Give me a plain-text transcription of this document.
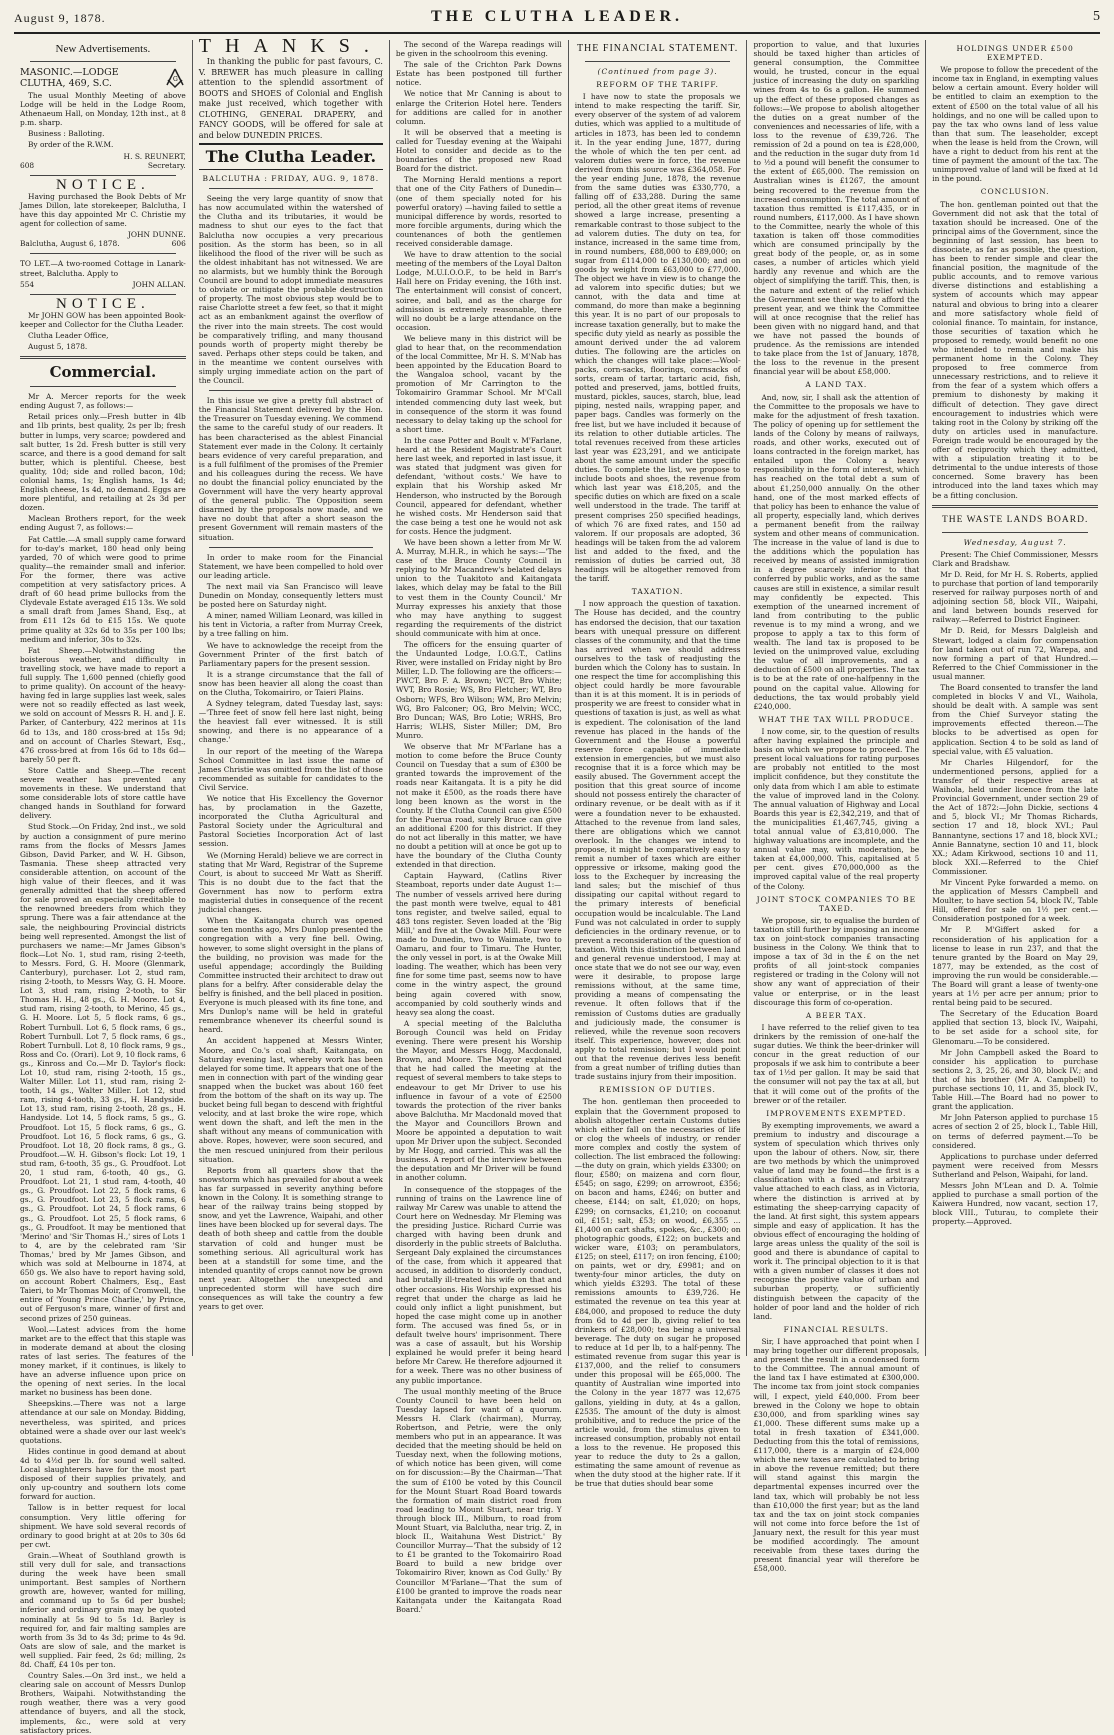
August 9, 1878.	THE CLUTHA LEADER.	5
New Advertisements.
G

MASONIC.—LODGE CLUTHA, 469, S.C.

The usual Monthly Meeting of above Lodge will be held in the Lodge Room, Athenaeum Hall, on Monday, 12th inst., at 8 p.m. sharp.

Business : Balloting.

By order of the R.W.M.

H. S. REUNERT,
608	Secretary.
NOTICE.

Having purchased the Book Debts of Mr James Dillon, late storekeeper, Balclutha, I have this day appointed Mr C. Christie my agent for collection of same.

JOHN DUNNE.
Balclutha, August 6, 1878.	606

TO LET.—A two-roomed Cottage in Lanark-street, Balclutha. Apply to

554	JOHN ALLAN.
NOTICE.

Mr JOHN GOW has been appointed Book-keeper and Collector for the Clutha Leader.

Clutha Leader Office,

August 5, 1878.

Commercial.

Mr A. Mercer reports for the week ending August 7, as follows:—

Retail prices only.—Fresh butter in 4lb and 1lb prints, best quality, 2s per lb; fresh butter in lumps, very scarce; powdered and salt butter, 1s 2d. Fresh butter is still very scarce, and there is a good demand for salt butter, which is plentiful. Cheese, best quality, 10d; side and rolled bacon, 10d; colonial hams, 1s; English hams, 1s 4d; English cheese, 1s 4d, no demand. Eggs are more plentiful, and retailing at 2s 3d per dozen.

Maclean Brothers report, for the week ending August 7, as follows:—

Fat Cattle.—A small supply came forward for to-day's market, 180 head only being yarded, 70 of which were good to prime quality—the remainder small and inferior. For the former, there was active competition at very satisfactory prices. A draft of 60 head prime bullocks from the Clydevale Estate averaged £15 13s. We sold a small draft from James Shand, Esq., at from £11 12s 6d to £15 15s. We quote prime quality at 32s 6d to 35s per 100 lbs; medium and inferior, 30s to 32s.

Fat Sheep.—Notwithstanding the boisterous weather, and difficulty in travelling stock, we have made to report a full supply. The 1,600 penned (chiefly good to prime quality). On account of the heavy-having fed in large supplies last week, sales were not so readily effected as last week, we sold on account of Messrs R. H. and J. E. Parker, of Canterbury, 422 merinos at 11s 6d to 13s, and 180 cross-bred at 15s 9d; and on account of Charles Stewart, Esq., 476 cross-bred at from 16s 6d to 18s 6d—barely 50 per ft.

Store Cattle and Sheep.—The recent severe weather has prevented any movements in these. We understand that some considerable lots of store cattle have changed hands in Southland for forward delivery.

Stud Stock.—On Friday, 2nd inst., we sold by auction a consignment of pure merino rams from the flocks of Messrs James Gibson, David Parker, and W. H. Gibson, Tasmania. These sheep attracted very considerable attention, on account of the high value of their fleeces, and it was generally admitted that the sheep offered for sale proved an especially creditable to the renowned breeders from which they sprung. There was a fair attendance at the sale, the neighbouring Provincial districts being well represented. Amongst the list of purchasers we name:—Mr James Gibson's flock—Lot No. 1, stud ram, rising 2-teeth, to Messrs. Ford, G. H. Moore (Glenmark, Canterbury), purchaser. Lot 2, stud ram, rising 2-tooth, to Messrs Way, G. H. Moore. Lot 3, stud ram, rising 2-tooth, to Sir Thomas H. H., 48 gs., G. H. Moore. Lot 4, stud ram, rising 2-tooth, to Merino, 45 gs., G. H. Moore. Lot 5, 5 flock rams, 6 gs., Robert Turnbull. Lot 6, 5 flock rams, 6 gs., Robert Turnbull. Lot 7, 5 flock rams, 6 gs., Robert Turnbull. Lot 8, 10 flock rams, 9 gs., Ross and Co. (Orari). Lot 9, 10 flock rams, 6 gs., Kinross and Co.—Mr D. Taylor's flock: Lot 10, stud ram, rising 2-tooth, 15 gs., Walter Miller. Lot 11, stud ram, rising 2-tooth, 14 gs., Walter Miller. Lot 12, stud ram, rising 4-tooth, 33 gs., H. Handyside. Lot 13, stud ram, rising 2-tooth, 28 gs., H. Handyside. Lot 14, 5 flock rams, 5 gs., G. Proudfoot. Lot 15, 5 flock rams, 6 gs., G. Proudfoot. Lot 16, 5 flock rams, 6 gs., G. Proudfoot. Lot 18, 20 flock rams, 8 gs., G. Proudfoot.—W. H. Gibson's flock: Lot 19, 1 stud ram, 6-tooth, 35 gs., G. Proudfoot. Lot 20, 1 stud ram, 6-tooth, 40 gs., G. Proudfoot. Lot 21, 1 stud ram, 4-tooth, 40 gs., G. Proudfoot. Lot 22, 5 flock rams, 6 gs., G. Proudfoot. Lot 23, 5 flock rams, 6 gs., G. Proudfoot. Lot 24, 5 flock rams, 6 gs., G. Proudfoot. Lot 25, 5 flock rams, 6 gs., G. Proudfoot. It may be mentioned that 'Merino' and 'Sir Thomas H.,' sires of Lots 1 to 4, are by the celebrated ram 'Sir Thomas,' bred by Mr James Gibson, and which was sold at Melbourne in 1874, at 650 gs. We also have to report having sold, on account Robert Chalmers, Esq., East Taieri, to Mr Thomas Moir, of Cromwell, the entire of 'Young Prince Charlie,' by Prince, out of Ferguson's mare, winner of first and second prizes of 250 guineas.

Wool.—Latest advices from the home market are to the effect that this staple was in moderate demand at about the closing rates of last series. The features of the money market, if it continues, is likely to have an adverse influence upon price on the opening of next series. In the local market no business has been done.

Sheepskins.—There was not a large attendance at our sale on Monday. Bidding, nevertheless, was spirited, and prices obtained were a shade over our last week's quotations.

Hides continue in good demand at about 4d to 4½d per lb. for sound well salted. Local slaughterers have for the most part disposed of their supplies privately, and only up-country and southern lots come forward for auction.

Tallow is in better request for local consumption. Very little offering for shipment. We have sold several records of ordinary to good bright at at 20s to 30s 6d per cwt.

Grain.—Wheat of Southland growth is still very dull for sale, and transactions during the week have been small unimportant. Best samples of Northern growth are, however, wanted for milling, and command up to 5s 6d per bushel; inferior and ordinary grain may be quoted nominally at 5s 9d to 5s 1d. Barley is required for, and fair malting samples are worth from 3s 3d to 4s 3d; prime to 4s 9d. Oats are slow of sale, and the market is well supplied. Fair feed, 2s 6d; milling, 2s 8d. Chaff, £4 10s per ton.

Country Sales.—On 3rd inst., we held a clearing sale on account of Messrs Dunlop Brothers, Waipahi. Notwithstanding the rough weather, there was a very good attendance of buyers, and all the stock, implements, &c., were sold at very satisfactory prices.

THANKS.

In thanking the public for past favours, C. V. BREWER has much pleasure in calling attention to the splendid assortment of BOOTS and SHOES of Colonial and English make just received, which together with CLOTHING, GENERAL DRAPERY, and FANCY GOODS, will be offered for sale at and below DUNEDIN PRICES.

The Clutha Leader.
BALCLUTHA : FRIDAY, AUG. 9, 1878.

Seeing the very large quantity of snow that has now accumulated within the watershed of the Clutha and its tributaries, it would be madness to shut our eyes to the fact that Balclutha now occupies a very precarious position. As the storm has been, so in all likelihood the flood of the river will be such as the oldest inhabitant has not witnessed. We are no alarmists, but we humbly think the Borough Council are bound to adopt immediate measures to obviate or mitigate the probable destruction of property. The most obvious step would be to raise Charlotte street a few feet, so that it might act as an embankment against the overflow of the river into the main streets. The cost would be comparatively trifling, and many thousand pounds worth of property might thereby be saved. Perhaps other steps could be taken, and in the meantime we content ourselves with simply urging immediate action on the part of the Council.

In this issue we give a pretty full abstract of the Financial Statement delivered by the Hon. the Treasurer on Tuesday evening. We commend the same to the careful study of our readers. It has been characterised as the ablest Financial Statement ever made in the Colony. It certainly bears evidence of very careful preparation, and is a full fulfilment of the promises of the Premier and his colleagues during the recess. We have no doubt the financial policy enunciated by the Government will have the very hearty approval of the general public. The Opposition seem disarmed by the proposals now made, and we have no doubt that after a short season the present Government will remain masters of the situation.

In order to make room for the Financial Statement, we have been compelled to hold over our leading article.

The next mail via San Francisco will leave Dunedin on Monday, consequently letters must be posted here on Saturday night.

A miner, named William Leonard, was killed in his tent in Victoria, a rafter from Murray Creek, by a tree falling on him.

We have to acknowledge the receipt from the Government Printer of the first batch of Parliamentary papers for the present session.

It is a strange circumstance that the fall of snow has been heavier all along the coast than on the Clutha, Tokomairiro, or Taieri Plains.

A Sydney telegram, dated Tuesday last, says:—'Three feet of snow fell here last night, being the heaviest fall ever witnessed. It is still snowing, and there is no appearance of a change.'

In our report of the meeting of the Warepa School Committee in last issue the name of James Christie was omitted from the list of those recommended as suitable for candidates to the Civil Service.

We notice that His Excellency the Governor has, by proclamation in the Gazette, incorporated the Clutha Agricultural and Pastoral Society under the Agricultural and Pastoral Societies Incorporation Act of last session.

We (Morning Herald) believe we are correct in stating that Mr Ward, Registrar of the Supreme Court, is about to succeed Mr Watt as Sheriff. This is no doubt due to the fact that the Government has now to perform extra magisterial duties in consequence of the recent judicial changes.

When the Kaitangata church was opened some ten months ago, Mrs Dunlop presented the congregation with a very fine bell. Owing, however, to some slight oversight in the plans of the building, no provision was made for the useful appendage; accordingly the Building Committee instructed their architect to draw out plans for a belfry. After considerable delay the belfry is finished, and the bell placed in position. Everyone is much pleased with its fine tone, and Mrs Dunlop's name will be held in grateful remembrance whenever its cheerful sound is heard.

An accident happened at Messrs Winter, Moore, and Co.'s coal shaft, Kaitangata, on Saturday evening last, whereby work has been delayed for some time. It appears that one of the men in connection with part of the winding gear snapped when the bucket was about 160 feet from the bottom of the shaft on its way up. The bucket being full began to descend with frightful velocity, and at last broke the wire rope, which went down the shaft, and left the men in the shaft without any means of communication with above. Ropes, however, were soon secured, and the men rescued uninjured from their perilous situation.

Reports from all quarters show that the snowstorm which has prevailed for about a week has far surpassed in severity anything before known in the Colony. It is something strange to hear of the railway trains being stopped by snow, and yet the Lawrence, Waipahi, and other lines have been blocked up for several days. The death of both sheep and cattle from the double starvation of cold and hunger must be something serious. All agricultural work has been at a standstill for some time, and the intended quantity of crops cannot now be grown next year. Altogether the unexpected and unprecedented storm will have such dire consequences as will take the country a few years to get over.

The second of the Warepa readings will be given in the schoolroom this evening.

The sale of the Crichton Park Downs Estate has been postponed till further notice.

We notice that Mr Canning is about to enlarge the Criterion Hotel here. Tenders for additions are called for in another column.

It will be observed that a meeting is called for Tuesday evening at the Waipahi Hotel to consider and decide as to the boundaries of the proposed new Road Board for the district.

The Morning Herald mentions a report that one of the City Fathers of Dunedin—(one of them specially noted for his powerful oratory) —having failed to settle a municipal difference by words, resorted to more forcible arguments, during which the countenances of both the gentlemen received considerable damage.

We have to draw attention to the social meeting of the members of the Loyal Dalton Lodge, M.U.I.O.O.F., to be held in Barr's Hall here on Friday evening, the 16th inst. The entertainment will consist of concert, soiree, and ball, and as the charge for admission is extremely reasonable, there will no doubt be a large attendance on the occasion.

We believe many in this district will be glad to hear that, on the recommendation of the local Committee, Mr H. S. M'Nab has been appointed by the Education Board to the Wangaloa school, vacant by the promotion of Mr Carrington to the Tokomairiro Grammar School. Mr M'Call intended commencing duty last week, but in consequence of the storm it was found necessary to delay taking up the school for a short time.

In the case Potter and Boult v. M'Farlane, heard at the Resident Magistrate's Court here last week, and reported in last issue, it was stated that judgment was given for defendant, 'without costs.' We have to explain that his Worship asked Mr Henderson, who instructed by the Borough Council, appeared for defendant, whether he wished costs. Mr Henderson said that the case being a test one he would not ask for costs. Hence the judgment.

We have been shown a letter from Mr W. A. Murray, M.H.R., in which he says:—'The case of the Bruce County Council in replying to Mr Macandrew's belated delays union to the Tuakitoto and Kaitangata lakes, which delay may be fatal to the Bill to vest them in the County Council.' Mr Murray expresses his anxiety that those who may have anything to suggest regarding the requirements of the district should communicate with him at once.

The officers for the ensuing quarter of the Undaunted Lodge, I.O.G.T., Catlins River, were installed on Friday night by Bro Miller, L.D. The following are the officers:—PWCT, Bro F. A. Brown; WCT, Bro White; WVT, Bro Rosie; WS, Bro Fletcher; WT, Bro Osborn; WFS, Bro Wilson; WM, Bro Melvin; WG, Bro Falconer; OG, Bro Melvin; WCC, Bro Duncan; WAS, Bro Lotie; WRHS, Bro Harris; WLHS, Sister Miller; DM, Bro Munro.

We observe that Mr M'Farlane has a motion to come before the Bruce County Council on Tuesday that a sum of £300 be granted towards the improvement of the roads near Kaitangata. It is a pity he did not make it £500, as the roads there have long been known as the worst in the County. If the Clutha Council can give £500 for the Puerua road, surely Bruce can give an additional £200 for this district. If they do not act liberally in this matter, we have no doubt a petition will at once be got up to have the boundary of the Clutha County extended in that direction.

Captain Hayward, (Catlins River Steamboat, reports under date August 1:—The number of vessels arrived here during the past month were twelve, equal to 481 tons register, and twelve sailed, equal to 483 tons register. Seven loaded at the 'Big Mill,' and five at the Owake Mill. Four were made to Dunedin, two to Waimate, two to Oamaru, and four to Timaru. The Hunter, the only vessel in port, is at the Owake Mill loading. The weather, which has been very fine for some time past, seems now to have come in the wintry aspect, the ground being again covered with snow, accompanied by cold southerly winds and heavy sea along the coast.

A special meeting of the Balclutha Borough Council was held on Friday evening. There were present his Worship the Mayor, and Messrs Hogg, Macdonald, Brown, and Moore. The Mayor explained that he had called the meeting at the request of several members to take steps to endeavour to get Mr Driver to use his influence in favour of a vote of £2500 towards the protection of the river banks above Balclutha. Mr Macdonald moved that the Mayor and Councillors Brown and Moore be appointed a deputation to wait upon Mr Driver upon the subject. Seconded by Mr Hogg, and carried. This was all the business. A report of the interview between the deputation and Mr Driver will be found in another column.

In consequence of the stoppages of the running of trains on the Lawrence line of railway Mr Carew was unable to attend the Court here on Wednesday. Mr Fleming was the presiding Justice. Richard Currie was charged with having been drunk and disorderly in the public streets of Balclutha. Sergeant Daly explained the circumstances of the case, from which it appeared that accused, in addition to disorderly conduct, had brutally ill-treated his wife on that and other occasions. His Worship expressed his regret that under the charge as laid he could only inflict a light punishment, but hoped the case might come up in another form. The accused was fined 5s, or in default twelve hours' imprisonment. There was a case of assault, but his Worship explained he would prefer it being heard before Mr Carew. He therefore adjourned it for a week. There was no other business of any public importance.

The usual monthly meeting of the Bruce County Council to have been held on Tuesday lapsed for want of a quorum. Messrs H. Clark (chairman), Murray, Robertson, and Petrie, were the only members who put in an appearance. It was decided that the meeting should be held on Tuesday next, when the following motions, of which notice has been given, will come on for discussion:—By the Chairman—'That the sum of £100 be voted by this Council for the Mount Stuart Road Board towards the formation of main district road from road leading to Mount Stuart, near trig. Y through block III., Milburn, to road from Mount Stuart, via Balclutha, near trig. Z, in block II., Waitahuna West District.' By Councillor Murray—'That the subsidy of 12 to £1 be granted to the Tokomairiro Road Board to build a new bridge over Tokomairiro River, known as Cod Gully.' By Councillor M'Farlane—'That the sum of £100 be granted to improve the roads near Kaitangata under the Kaitangata Road Board.'

THE FINANCIAL STATEMENT.
(Continued from page 3).
REFORM OF THE TARIFF.

I have now to state the proposals we intend to make respecting the tariff. Sir, every observer of the system of ad valorem duties, which was applied to a multitude of articles in 1873, has been led to condemn it. In the year ending June, 1877, during the whole of which the ten per cent. ad valorem duties were in force, the revenue derived from this source was £364,058. For the year ending June, 1878, the revenue from the same duties was £330,770, a falling off of £33,288. During the same period, all the other great items of revenue showed a large increase, presenting a remarkable contrast to those subject to the ad valorem duties. The duty on tea, for instance, increased in the same time from, in round numbers, £88,000 to £89,000; on sugar from £114,000 to £130,000; and on goods by weight from £63,000 to £77,000. The object we have in view is to change the ad valorem into specific duties; but we cannot, with the data and time at command, do more than make a beginning this year. It is no part of our proposals to increase taxation generally, but to make the specific duty yield as nearly as possible the amount derived under the ad valorem duties. The following are the articles on which the changes will take place:—Wool-packs, corn-sacks, floorings, cornsacks of sorts, cream of tartar, tartaric acid, fish, potted and preserved, jams, bottled fruits, mustard, pickles, sauces, starch, blue, lead piping, nested nails, wrapping paper, and paper bags. Candles was formerly on the free list, but we have included it because of its relation to other dutiable articles. The total revenues received from these articles last year was £23,291, and we anticipate about the same amount under the specific duties. To complete the list, we propose to include boots and shoes, the revenue from which last year was £18,205, and the specific duties on which are fixed on a scale well understood in the trade. The tariff at present comprises 250 specified headings, of which 76 are fixed rates, and 150 ad valorem. If our proposals are adopted, 36 headings will be taken from the ad valorem list and added to the fixed, and the remission of duties be carried out, 38 headings will be altogether removed from the tariff.

TAXATION.

I now approach the question of taxation. The House has decided, and the country has endorsed the decision, that our taxation bears with unequal pressure on different classes of the community, and that the time has arrived when we should address ourselves to the task of readjusting the burden which the Colony has to sustain. In one respect the time for accomplishing this object could hardly be more favourable than it is at this moment. It is in periods of prosperity we are freest to consider what in questions of taxation is just, as well as what is expedient. The colonisation of the land revenue has placed in the hands of the Government and the House a powerful reserve force capable of immediate extension in emergencies, but we must also recognise that it is a force which may be easily abused. The Government accept the position that this great source of income should not possess entirely the character of ordinary revenue, or be dealt with as if it were a foundation never to be exhausted. Attached to the revenue from land sales, there are obligations which we cannot overlook. In the changes we intend to propose, it might be comparatively easy to remit a number of taxes which are either oppressive or irksome, making good the loss to the Exchequer by increasing the land sales; but the mischief of thus dissipating our capital without regard to the primary interests of beneficial occupation would be incalculable. The Land Fund was not calculated in order to supply deficiencies in the ordinary revenue, or to prevent a reconsideration of the question of taxation. With this distinction between land and general revenue understood, I may at once state that we do not see our way, even were it desirable, to propose large remissions without, at the same time, providing a means of compensating the revenue. It often follows that if the remission of Customs duties are gradually and judiciously made, the consumer is relieved, while the revenue soon recovers itself. This experience, however, does not apply to total remission; but I would point out that the revenue derives less benefit from a great number of trifling duties than trade sustains injury from their imposition.

REMISSION OF DUTIES.

The hon. gentleman then proceeded to explain that the Government proposed to abolish altogether certain Customs duties which either fall on the necessaries of life or clog the wheels of industry, or render more complex and costly the system of collection. The list embraced the following:—the duty on grain, which yields £3300; on flour, £580; on maizena and corn flour, £545; on sago, £299; on arrowroot, £356; on bacon and hams, £246; on butter and cheese, £144; on salt, £1,020; on hops, £299; on cornsacks, £1,210; on cocoanut oil, £151; salt, £53; on wood, £6,355 ... £1,400 on cart shafts, spokes, &c., £300; on photographic goods, £122; on buckets and wicker ware, £103; on perambulators, £125; on steel, £117; on iron fencing, £100; on paints, wet or dry, £9981; and on twenty-four minor articles, the duty on which yields £3293. The total of these remissions amounts to £39,726. He estimated the revenue on tea this year at £84,000, and proposed to reduce the duty from 6d to 4d per lb, giving relief to tea drinkers of £28,000; tea being a universal beverage. The duty on sugar he proposed to reduce at 1d per lb, to a half-penny. The estimated revenue from sugar this year is £137,000, and the relief to consumers under this proposal will be £65,000. The quantity of Australian wine imported into the Colony in the year 1877 was 12,675 gallons, yielding in duty, at 4s a gallon, £2535. The amount of the duty is almost prohibitive, and to reduce the price of the article would, from the stimulus given to increased consumption, probably not entail a loss to the revenue. He proposed this year to reduce the duty to 2s a gallon, estimating the same amount of revenue as when the duty stood at the higher rate. If it be true that duties should bear some

proportion to value, and that luxuries should be taxed higher than articles of general consumption, the Committee would, he trusted, concur in the equal justice of increasing the duty on sparkling wines from 4s to 6s a gallon. He summed up the effect of these proposed changes as follows:—We propose to abolish altogether the duties on a great number of the conveniences and necessaries of life, with a loss to the revenue of £39,726. The remission of 2d a pound on tea is £28,000, and the reduction in the sugar duty from 1d to ½d a pound will benefit the consumer to the extent of £65,000. The remission on Australian wines is £1267, the amount being recovered to the revenue from the increased consumption. The total amount of taxation thus remitted is £117,435, or in round numbers, £117,000. As I have shown to the Committee, nearly the whole of this taxation is taken off those commodities which are consumed principally by the great body of the people, or, as in some cases, a number of articles which yield hardly any revenue and which are the object of simplifying the tariff. This, then, is the nature and extent of the relief which the Government see their way to afford the present year, and we think the Committee will at once recognise that the relief has been given with no niggard hand, and that we have not passed the bounds of prudence. As the remissions are intended to take place from the 1st of January, 1878, the loss to the revenue in the present financial year will be about £58,000.

A LAND TAX.

And, now, sir, I shall ask the attention of the Committee to the proposals we have to make for the adjustment of fresh taxation. The policy of opening up for settlement the lands of the Colony by means of railways, roads, and other works, executed out of loans contracted in the foreign market, has entailed upon the Colony a heavy responsibility in the form of interest, which has reached on the total debt a sum of about £1,250,000 annually. On the other hand, one of the most marked effects of that policy has been to enhance the value of all property, especially land, which derives a permanent benefit from the railway system and other means of communication. The increase in the value of land is due to the additions which the population has received by means of assisted immigration in a degree scarcely inferior to that conferred by public works, and as the same causes are still in existence, a similar result may confidently be expected. This exemption of the unearned increment of land from contributing to the public revenue is to my mind a wrong, and we propose to apply a tax to this form of wealth. The land tax is proposed to be levied on the unimproved value, excluding the value of all improvements, and a deduction of £500 on all properties. The tax is to be at the rate of one-halfpenny in the pound on the capital value. Allowing for deductions, the tax would probably yield £240,000.

WHAT THE TAX WILL PRODUCE.

I now come, sir, to the question of results after having explained the principle and basis on which we propose to proceed. The present local valuations for rating purposes are probably not entitled to the most implicit confidence, but they constitute the only data from which I am able to estimate the value of improved land in the Colony. The annual valuation of Highway and Local Boards this year is £2,342,219, and that of the municipalities £1,467,745, giving a total annual value of £3,810,000. The highway valuations are incomplete, and the annual value may, with moderation, be taken at £4,000,000. This, capitalised at 5 per cent. gives £70,000,000 as the improved capital value of the real property of the Colony.

JOINT STOCK COMPANIES TO BE TAXED.

We propose, sir, to equalise the burden of taxation still further by imposing an income tax on joint-stock companies transacting business in the Colony. We think that to impose a tax of 3d in the £ on the net profits of all joint-stock companies registered or trading in the Colony will not show any want of appreciation of their value or enterprise, or in the least discourage this form of co-operation.

A BEER TAX.

I have referred to the relief given to tea drinkers by the remission of one-half the sugar duties. We think the beer-drinker will concur in the great reduction of our proposals if we ask him to contribute a beer tax of 1½d per gallon. It may be said that the consumer will not pay the tax at all, but that it will come out of the profits of the brewer or of the retailer.

IMPROVEMENTS EXEMPTED.

By exempting improvements, we award a premium to industry and discourage a system of speculation which thrives only upon the labour of others. Now, sir, there are two methods by which the unimproved value of land may be found—the first is a classification with a fixed and arbitrary value attached to each class, as in Victoria, where the distinction is arrived at by estimating the sheep-carrying capacity of the land. At first sight, this system appears simple and easy of application. It has the obvious effect of encouraging the holding of large areas unless the quality of the soil is good and there is abundance of capital to work it. The principal objection to it is that with a given number of classes it does not recognise the positive value of urban and suburban property, or sufficiently distinguish between the capacity of the holder of poor land and the holder of rich land.

FINANCIAL RESULTS.

Sir, I have approached that point when I may bring together our different proposals, and present the result in a condensed form to the Committee. The annual amount of the land tax I have estimated at £300,000. The income tax from joint stock companies will, I expect, yield £40,000. From beer brewed in the Colony we hope to obtain £30,000, and from sparkling wines say £1,000. These different sums make up a total in fresh taxation of £341,000. Deducting from this the total of remissions, £117,000, there is a margin of £24,000 which the new taxes are calculated to bring in above the revenue remitted; but there will stand against this margin the departmental expenses incurred over the land tax, which will probably be not less than £10,000 the first year; but as the land tax and the tax on joint stock companies will not come into force before the 1st of January next, the result for this year must be modified accordingly. The amount receivable from these taxes during the present financial year will therefore be £58,000.

HOLDINGS UNDER £500 EXEMPTED.

We propose to follow the precedent of the income tax in England, in exempting values below a certain amount. Every holder will be entitled to claim an exemption to the extent of £500 on the total value of all his holdings, and no one will be called upon to pay the tax who owns land of less value than that sum. The leaseholder, except when the lease is held from the Crown, will have a right to deduct from his rent at the time of payment the amount of the tax. The unimproved value of land will be fixed at 1d in the pound.

CONCLUSION.

The hon. gentleman pointed out that the Government did not ask that the total of taxation should be increased. One of the principal aims of the Government, since the beginning of last session, has been to dissociate, as far as possible, the question, has been to render simple and clear the financial position, the magnitude of the public accounts, and to remove various diverse distinctions and establishing a system of accounts which may appear natural and obvious to bring into a clearer and more satisfactory whole field of colonial finance. To maintain, for instance, those securities of taxation which he proposed to remedy, would benefit no one who intended to remain and make his permanent home in the Colony. They proposed to free commerce from unnecessary restrictions, and to relieve it from the fear of a system which offers a premium to dishonesty by making it difficult of detection. They gave direct encouragement to industries which were taking root in the Colony by striking off the duty on articles used in manufacture. Foreign trade would be encouraged by the offer of reciprocity which they admitted, with a stipulation treating it to be detrimental to the undue interests of those concerned. Some bravery has been introduced into the land taxes which may be a fitting conclusion.

THE WASTE LANDS BOARD.
Wednesday, August 7.

Present: The Chief Commissioner, Messrs Clark and Bradshaw.

Mr D. Reid, for Mr H. S. Roberts, applied to purchase that portion of land temporarily reserved for railway purposes north of and adjoining section 58, block VII., Waipahi, and land between bounds reserved for railway.—Referred to District Engineer.

Mr D. Reid, for Messrs Dalgleish and Stewart, lodged a claim for compensation for land taken out of run 72, Warepa, and now forming a part of that Hundred.—Referred to the Chief Commissioner in the usual manner.

The Board consented to transfer the land completed in blocks V and VI., Waihola, should be dealt with. A sample was sent from the Chief Surveyor stating the improvements effected thereon.—The blocks to be advertised as open for application. Section 4 to be sold as land of special value, with £5 valuation.

Mr Charles Hilgendorf, for the undermentioned persons, applied for a transfer of their respective areas at Waihola, held under licence from the late Provincial Government, under section 29 of the Act of 1872:—John Dickie, sections 4 and 5, block VI.; Mr Thomas Richards, section 17 and 18, block XVI.; Paul Bannantyne, sections 17 and 18, block XVI.; Annie Bannatyne, section 10 and 11, block XX.; Adam Kirkwood, sections 10 and 11, block XXI.—Referred to the Chief Commissioner.

Mr Vincent Pyke forwarded a memo. on the application of Messrs Campbell and Moulter, to have section 54, block IV., Table Hill, offered for sale on 1½ per cent.—Consideration postponed for a week.

Mr P. M'Giffert asked for a reconsideration of his application for a license to lease in run 237, and that the tenure granted by the Board on May 29, 1877, may be extended, as the cost of improving the run would be considerable.—The Board will grant a lease of twenty-one years at 1½ per acre per annum; prior to rental being paid to be secured.

The Secretary of the Education Board applied that section 13, block IV., Waipahi, to be set aside for a school site, for Glenomaru.—To be considered.

Mr John Campbell asked the Board to consider his application to purchase sections 2, 3, 25, 26, and 30, block IV.; and that of his brother (Mr A. Campbell) to purchase sections 10, 11, and 35, block IV., Table Hill.—The Board had no power to grant the application.

Mr John Paterson applied to purchase 15 acres of section 2 of 25, block I., Table Hill, on terms of deferred payment.—To be considered.

Applications to purchase under deferred payment were received from Messrs Sutherland and Pelson, Waipahi, for land.

Messrs John M'Lean and D. A. Tolmie applied to purchase a small portion of the Kaiwera Hundred, now vacant, section 17, block VIII., Tuturau, to complete their property.—Approved.
